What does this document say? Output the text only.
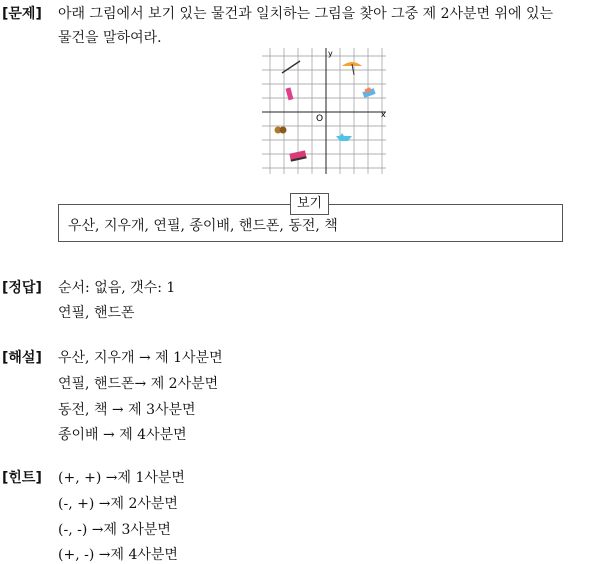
[문제] 아래 그림에서 보기 있는 물건과 일치하는 그림을 찾아 그중 제 2사분면 위에 있는
물건을 말하여라.
y
x
O
보기
우산, 지우개, 연필, 종이배, 핸드폰, 동전, 책
[정답] 순서: 없음, 갯수: 1
연필, 핸드폰
[해설] 우산, 지우개 → 제 1사분면
연필, 핸드폰→ 제 2사분면
동전, 책 → 제 3사분면
종이배 → 제 4사분면
[힌트] (+, +) →제 1사분면
(-, +) →제 2사분면
(-, -) →제 3사분면
(+, -) →제 4사분면
